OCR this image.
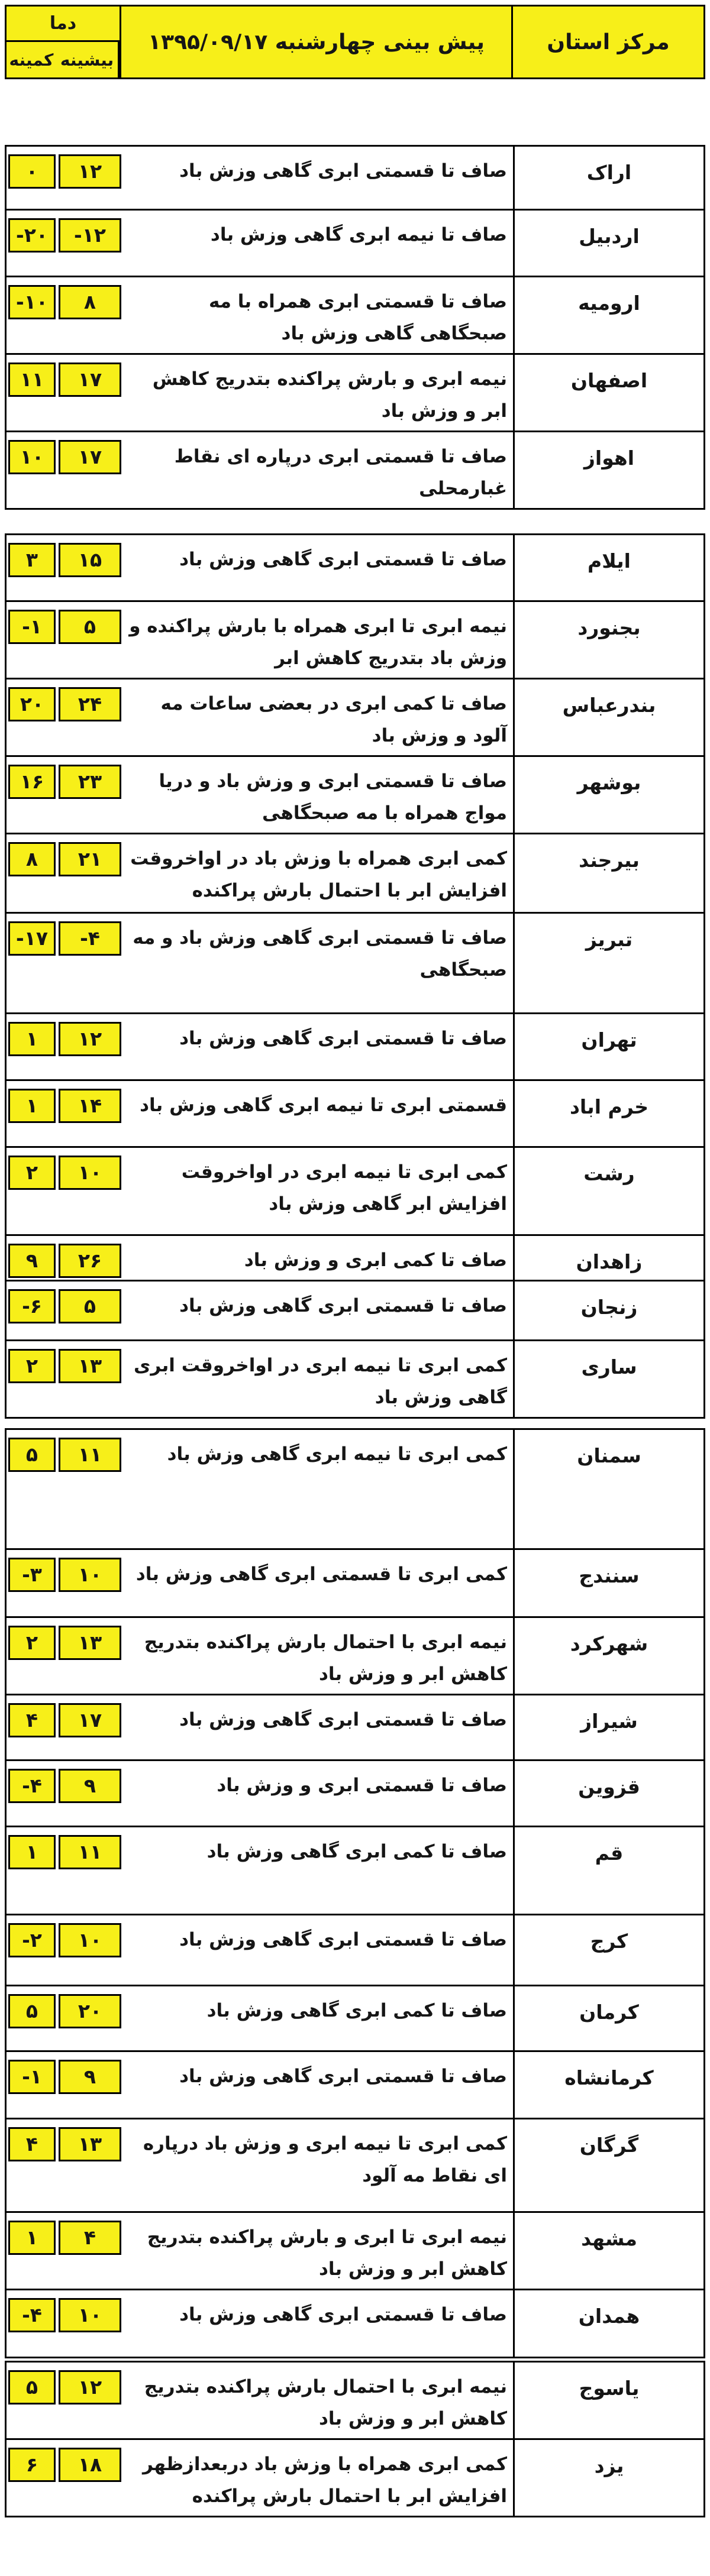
مرکز استان
پیش بینی چهارشنبه ۱۳۹۵/۰۹/۱۷
دما
کمینه بیشینه
اراک
صاف تا قسمتی ابری گاهی وزش باد
۰	۱۲
اردبیل
صاف تا نیمه ابری گاهی وزش باد
-۲۰	-۱۲
ارومیه
صاف تا قسمتی ابری همراه با مه صبحگاهی گاهی وزش باد
-۱۰	۸
اصفهان
نیمه ابری و بارش پراکنده بتدریج کاهش ابر و وزش باد
۱۱	۱۷
اهواز
صاف تا قسمتی ابری درپاره ای نقاط غبارمحلی
۱۰	۱۷
ایلام
صاف تا قسمتی ابری گاهی وزش باد
۳	۱۵
بجنورد
نیمه ابری تا ابری همراه با بارش پراکنده و وزش باد بتدریج کاهش ابر
-۱	۵
بندرعباس
صاف تا کمی ابری در بعضی ساعات مه آلود و وزش باد
۲۰	۲۴
بوشهر
صاف تا قسمتی ابری و وزش باد و دریا مواج همراه با مه صبحگاهی
۱۶	۲۳
بیرجند
کمی ابری همراه با وزش باد در اواخروقت افزایش ابر با احتمال بارش پراکنده
۸	۲۱
تبریز
صاف تا قسمتی ابری گاهی وزش باد و مه صبحگاهی
-۱۷	-۴
تهران
صاف تا قسمتی ابری گاهی وزش باد
۱	۱۲
خرم اباد
قسمتی ابری تا نیمه ابری گاهی وزش باد
۱	۱۴
رشت
کمی ابری تا نیمه ابری در اواخروقت افزایش ابر گاهی وزش باد
۲	۱۰
زاهدان
صاف تا کمی ابری و وزش باد
۹	۲۶
زنجان
صاف تا قسمتی ابری گاهی وزش باد
-۶	۵
ساری
کمی ابری تا نیمه ابری در اواخروقت ابری گاهی وزش باد
۲	۱۳
سمنان
کمی ابری تا نیمه ابری گاهی وزش باد
۵	۱۱
سنندج
کمی ابری تا قسمتی ابری گاهی وزش باد
-۳	۱۰
شهرکرد
نیمه ابری با احتمال بارش پراکنده بتدریج کاهش ابر و وزش باد
۲	۱۳
شیراز
صاف تا قسمتی ابری گاهی وزش باد
۴	۱۷
قزوین
صاف تا قسمتی ابری و وزش باد
-۴	۹
قم
صاف تا کمی ابری گاهی وزش باد
۱	۱۱
کرج
صاف تا قسمتی ابری گاهی وزش باد
-۲	۱۰
کرمان
صاف تا کمی ابری گاهی وزش باد
۵	۲۰
کرمانشاه
صاف تا قسمتی ابری گاهی وزش باد
-۱	۹
گرگان
کمی ابری تا نیمه ابری و وزش باد درپاره ای نقاط مه آلود
۴	۱۳
مشهد
نیمه ابری تا ابری و بارش پراکنده بتدریج کاهش ابر و وزش باد
۱	۴
همدان
صاف تا قسمتی ابری گاهی وزش باد
-۴	۱۰
یاسوج
نیمه ابری با احتمال بارش پراکنده بتدریج کاهش ابر و وزش باد
۵	۱۲
یزد
کمی ابری همراه با وزش باد دربعدازظهر افزایش ابر با احتمال بارش پراکنده
۶	۱۸
